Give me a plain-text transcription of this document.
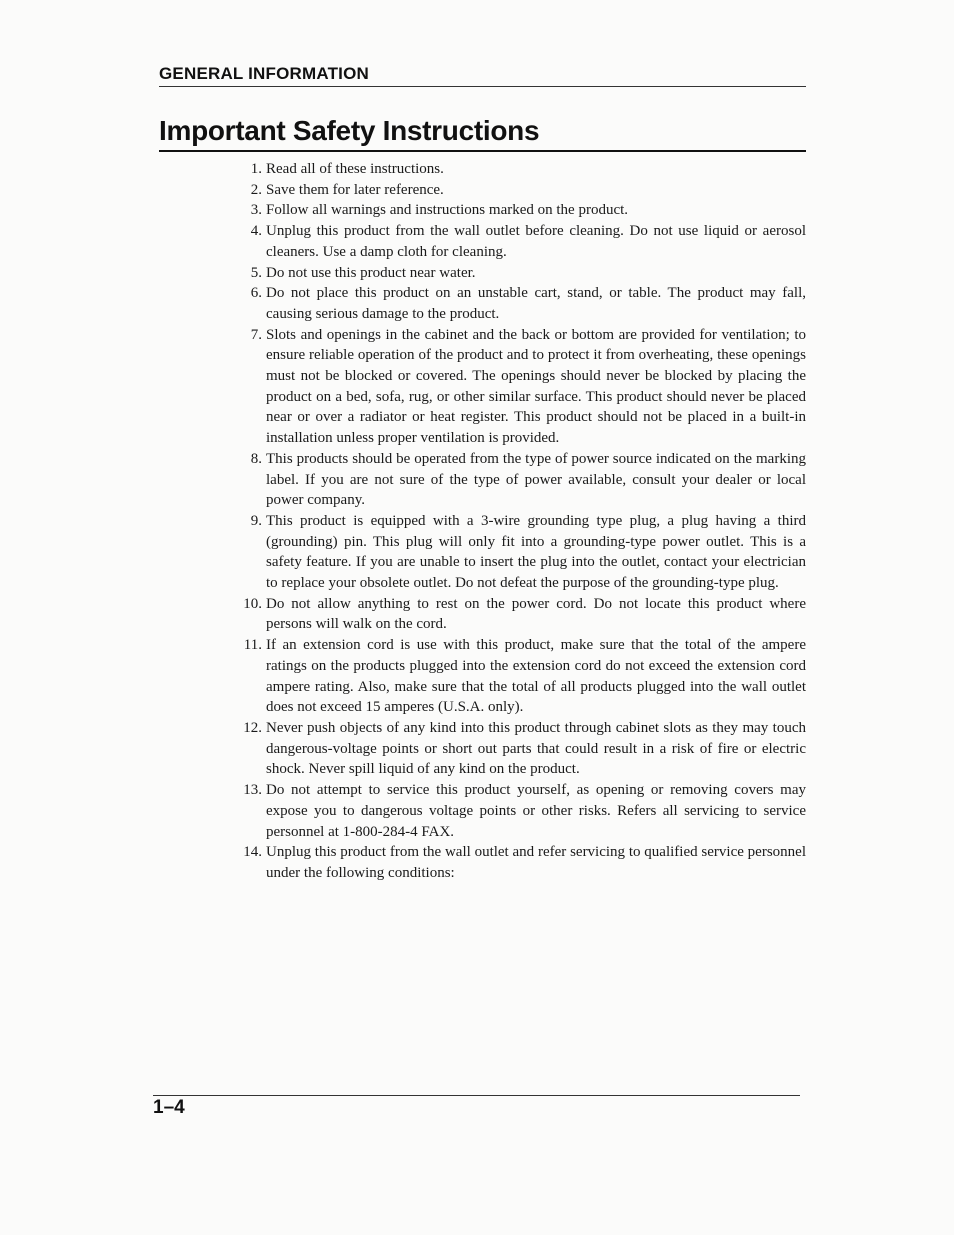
GENERAL INFORMATION
Important Safety Instructions
1. Read all of these instructions.
2. Save them for later reference.
3. Follow all warnings and instructions marked on the product.
4. Unplug this product from the wall outlet before cleaning. Do not use liquid or aerosol cleaners. Use a damp cloth for cleaning.
5. Do not use this product near water.
6. Do not place this product on an unstable cart, stand, or table. The product may fall, causing serious damage to the product.
7. Slots and openings in the cabinet and the back or bottom are provided for ventilation; to ensure reliable operation of the product and to protect it from overheating, these openings must not be blocked or covered. The openings should never be blocked by placing the product on a bed, sofa, rug, or other similar surface. This product should never be placed near or over a radiator or heat register. This product should not be placed in a built-in installation unless proper ventilation is provided.
8. This products should be operated from the type of power source indicated on the marking label. If you are not sure of the type of power available, consult your dealer or local power company.
9. This product is equipped with a 3-wire grounding type plug, a plug having a third (grounding) pin. This plug will only fit into a grounding-type power outlet. This is a safety feature. If you are unable to insert the plug into the outlet, contact your electrician to replace your obsolete outlet. Do not defeat the purpose of the grounding-type plug.
10. Do not allow anything to rest on the power cord. Do not locate this product where persons will walk on the cord.
11. If an extension cord is use with this product, make sure that the total of the ampere ratings on the products plugged into the extension cord do not exceed the extension cord ampere rating. Also, make sure that the total of all products plugged into the wall outlet does not exceed 15 amperes (U.S.A. only).
12. Never push objects of any kind into this product through cabinet slots as they may touch dangerous-voltage points or short out parts that could result in a risk of fire or electric shock. Never spill liquid of any kind on the product.
13. Do not attempt to service this product yourself, as opening or removing covers may expose you to dangerous voltage points or other risks. Refers all servicing to service personnel at 1-800-284-4 FAX.
14. Unplug this product from the wall outlet and refer servicing to qualified service personnel under the following conditions:
1–4
